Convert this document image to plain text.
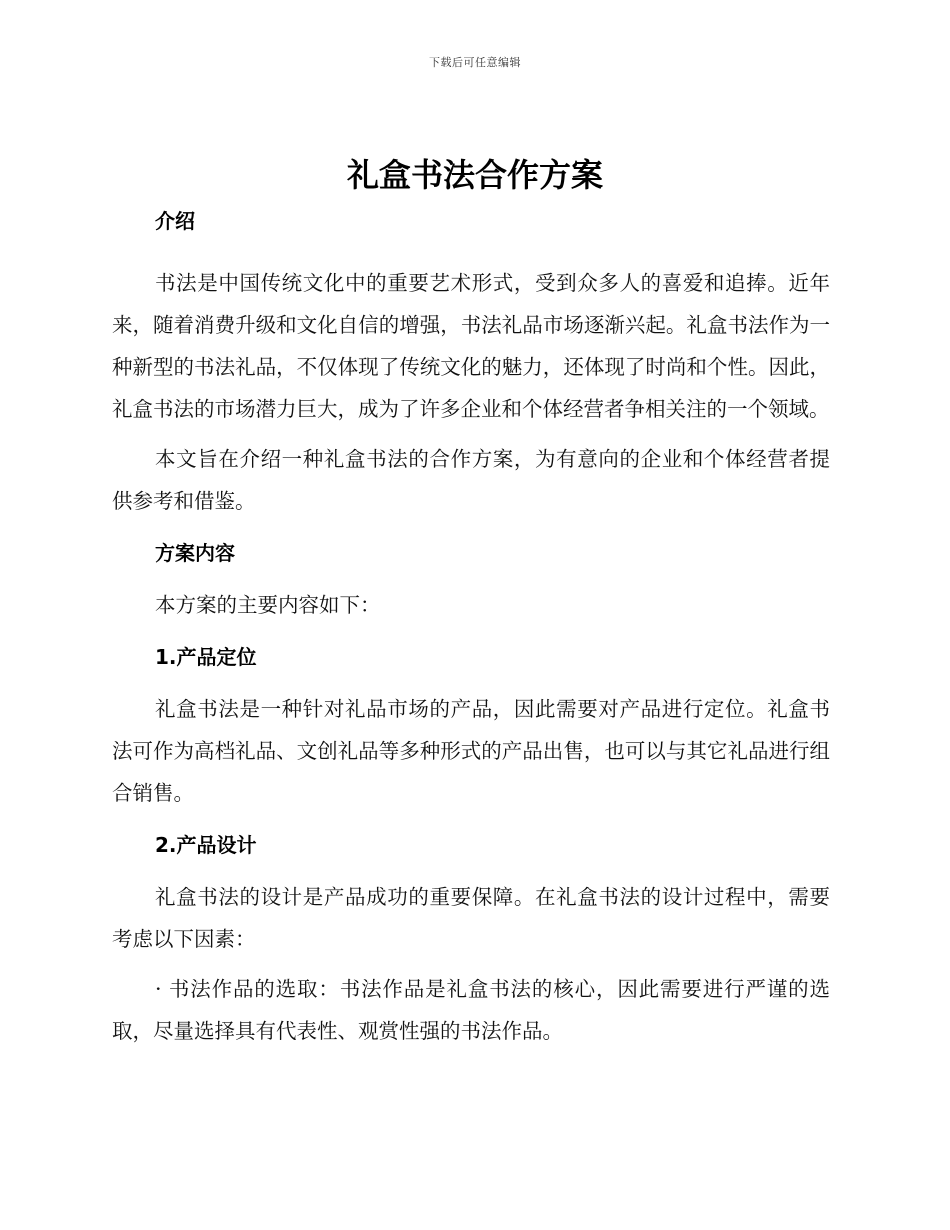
下载后可任意编辑
礼盒书法合作方案

介绍

书法是中国传统文化中的重要艺术形式，受到众多人的喜爱和追捧。近年来，随着消费升级和文化自信的增强，书法礼品市场逐渐兴起。礼盒书法作为一种新型的书法礼品，不仅体现了传统文化的魅力，还体现了时尚和个性。因此，礼盒书法的市场潜力巨大，成为了许多企业和个体经营者争相关注的一个领域。

本文旨在介绍一种礼盒书法的合作方案，为有意向的企业和个体经营者提供参考和借鉴。

方案内容

本方案的主要内容如下：

1.产品定位

礼盒书法是一种针对礼品市场的产品，因此需要对产品进行定位。礼盒书法可作为高档礼品、文创礼品等多种形式的产品出售，也可以与其它礼品进行组合销售。

2.产品设计

礼盒书法的设计是产品成功的重要保障。在礼盒书法的设计过程中，需要考虑以下因素：

· 书法作品的选取：书法作品是礼盒书法的核心，因此需要进行严谨的选取，尽量选择具有代表性、观赏性强的书法作品。
